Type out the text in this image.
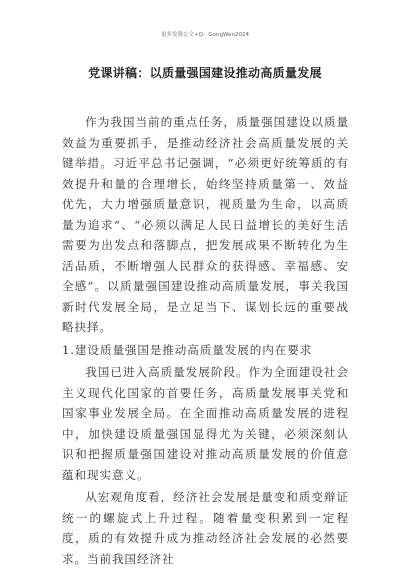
更多免费公文+Q：GongWen2024
党课讲稿：以质量强国建设推动高质量发展

作为我国当前的重点任务，质量强国建设以质量效益为重要抓手，是推动经济社会高质量发展的关键举措。习近平总书记强调，“必须更好统筹质的有效提升和量的合理增长，始终坚持质量第一、效益优先，大力增强质量意识，视质量为生命，以高质量为追求”、“必须以满足人民日益增长的美好生活需要为出发点和落脚点，把发展成果不断转化为生活品质，不断增强人民群众的获得感、幸福感、安全感”。以质量强国建设推动高质量发展，事关我国新时代发展全局，是立足当下、谋划长远的重要战略抉择。

1.建设质量强国是推动高质量发展的内在要求

我国已进入高质量发展阶段。作为全面建设社会主义现代化国家的首要任务，高质量发展事关党和国家事业发展全局。在全面推动高质量发展的进程中，加快建设质量强国显得尤为关键，必须深刻认识和把握质量强国建设对推动高质量发展的价值意蕴和现实意义。

从宏观角度看，经济社会发展是量变和质变辩证统一的螺旋式上升过程。随着量变积累到一定程度，质的有效提升成为推动经济社会发展的必然要求。当前我国经济社
